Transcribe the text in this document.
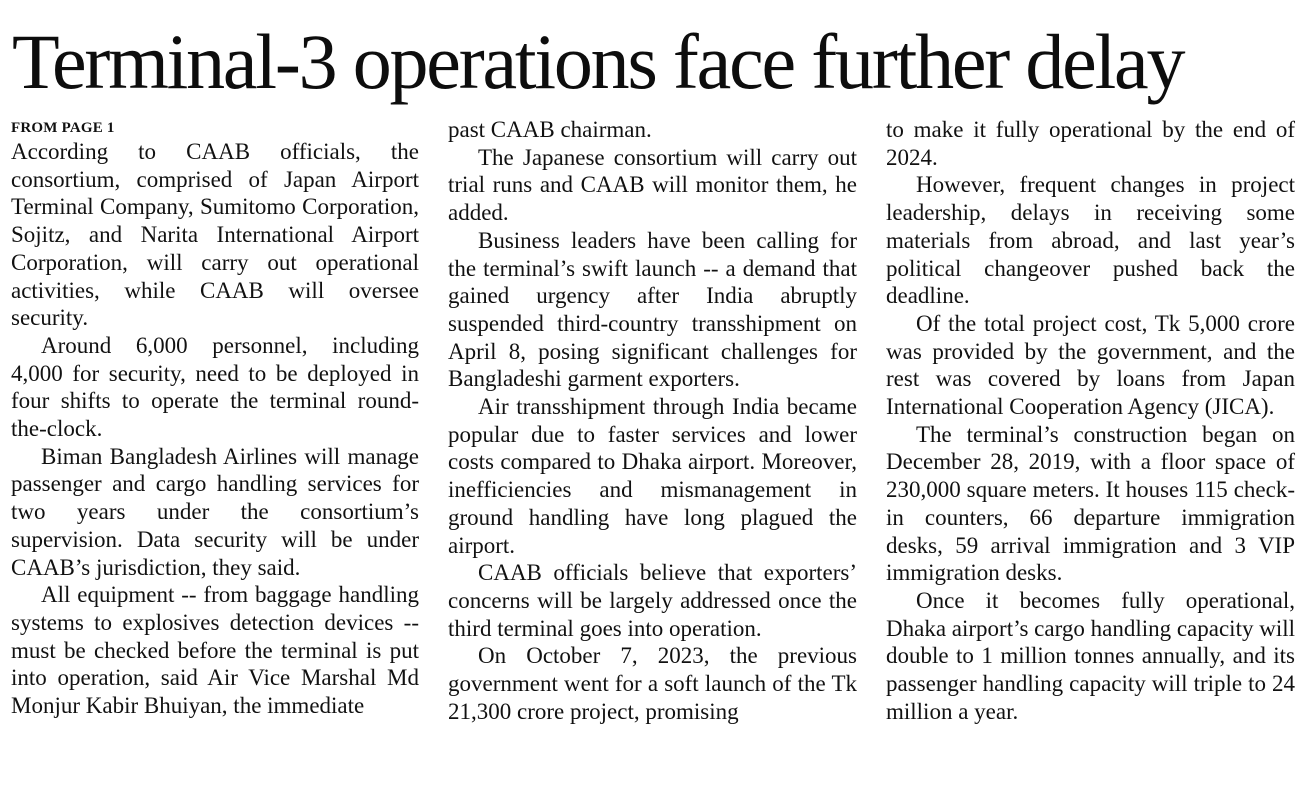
Terminal-3 operations face further delay

FROM PAGE 1

According to CAAB officials, the consortium, comprised of Japan Airport Terminal Company, Sumitomo Corporation, Sojitz, and Narita International Airport Corporation, will carry out operational activities, while CAAB will oversee security.

Around 6,000 personnel, including 4,000 for security, need to be deployed in four shifts to operate the terminal round-the-clock.

Biman Bangladesh Airlines will manage passenger and cargo handling services for two years under the consortium’s supervision. Data security will be under CAAB’s jurisdiction, they said.

All equipment -- from baggage handling systems to explosives detection devices -- must be checked before the terminal is put into operation, said Air Vice Marshal Md Monjur Kabir Bhuiyan, the immediate

past CAAB chairman.

The Japanese consortium will carry out trial runs and CAAB will monitor them, he added.

Business leaders have been calling for the terminal’s swift launch -- a demand that gained urgency after India abruptly suspended third-country transshipment on April 8, posing significant challenges for Bangladeshi garment exporters.

Air transshipment through India became popular due to faster services and lower costs compared to Dhaka airport. Moreover, inefficiencies and mismanagement in ground handling have long plagued the airport.

CAAB officials believe that exporters’ concerns will be largely addressed once the third terminal goes into operation.

On October 7, 2023, the previous government went for a soft launch of the Tk 21,300 crore project, promising

to make it fully operational by the end of 2024.

However, frequent changes in project leadership, delays in receiving some materials from abroad, and last year’s political changeover pushed back the deadline.

Of the total project cost, Tk 5,000 crore was provided by the government, and the rest was covered by loans from Japan International Cooperation Agency (JICA).

The terminal’s construction began on December 28, 2019, with a floor space of 230,000 square meters. It houses 115 check-in counters, 66 departure immigration desks, 59 arrival immigration and 3 VIP immigration desks.

Once it becomes fully operational, Dhaka airport’s cargo handling capacity will double to 1 million tonnes annually, and its passenger handling capacity will triple to 24 million a year.
